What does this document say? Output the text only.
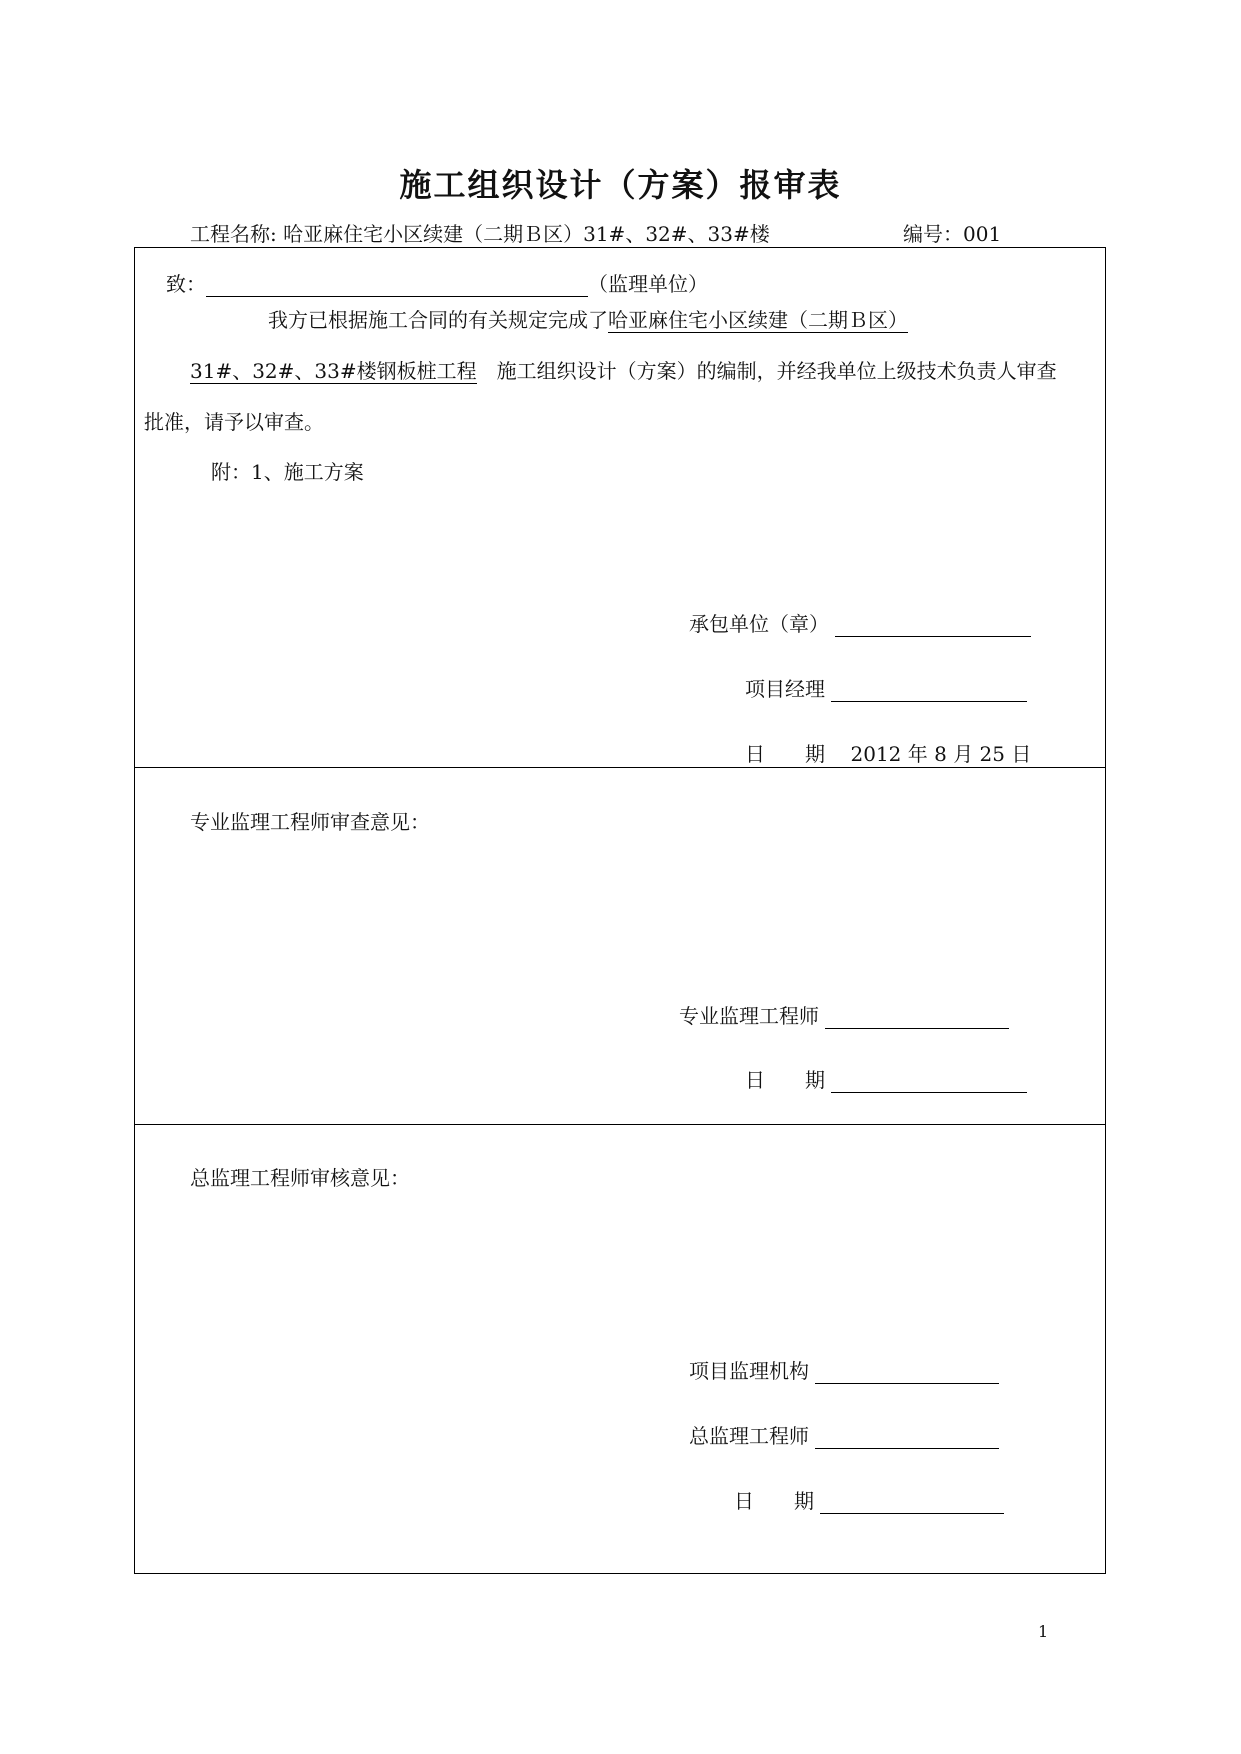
施工组织设计（方案）报审表
工程名称: 哈亚麻住宅小区续建（二期Ｂ区）31#、32#、33#楼	编号：001
致：	（监理单位）
我方已根据施工合同的有关规定完成了哈亚麻住宅小区续建（二期Ｂ区）
31#、32#、33#楼钢板桩工程　 施工组织设计（方案）的编制，并经我单位上级技术负责人审查
批准，请予以审查。
附：1、施工方案
承包单位（章）
项目经理
日　　期 2012 年 8 月 25 日
专业监理工程师审查意见：
专业监理工程师
日　　期
总监理工程师审核意见：
项目监理机构
总监理工程师
日　　期
1
